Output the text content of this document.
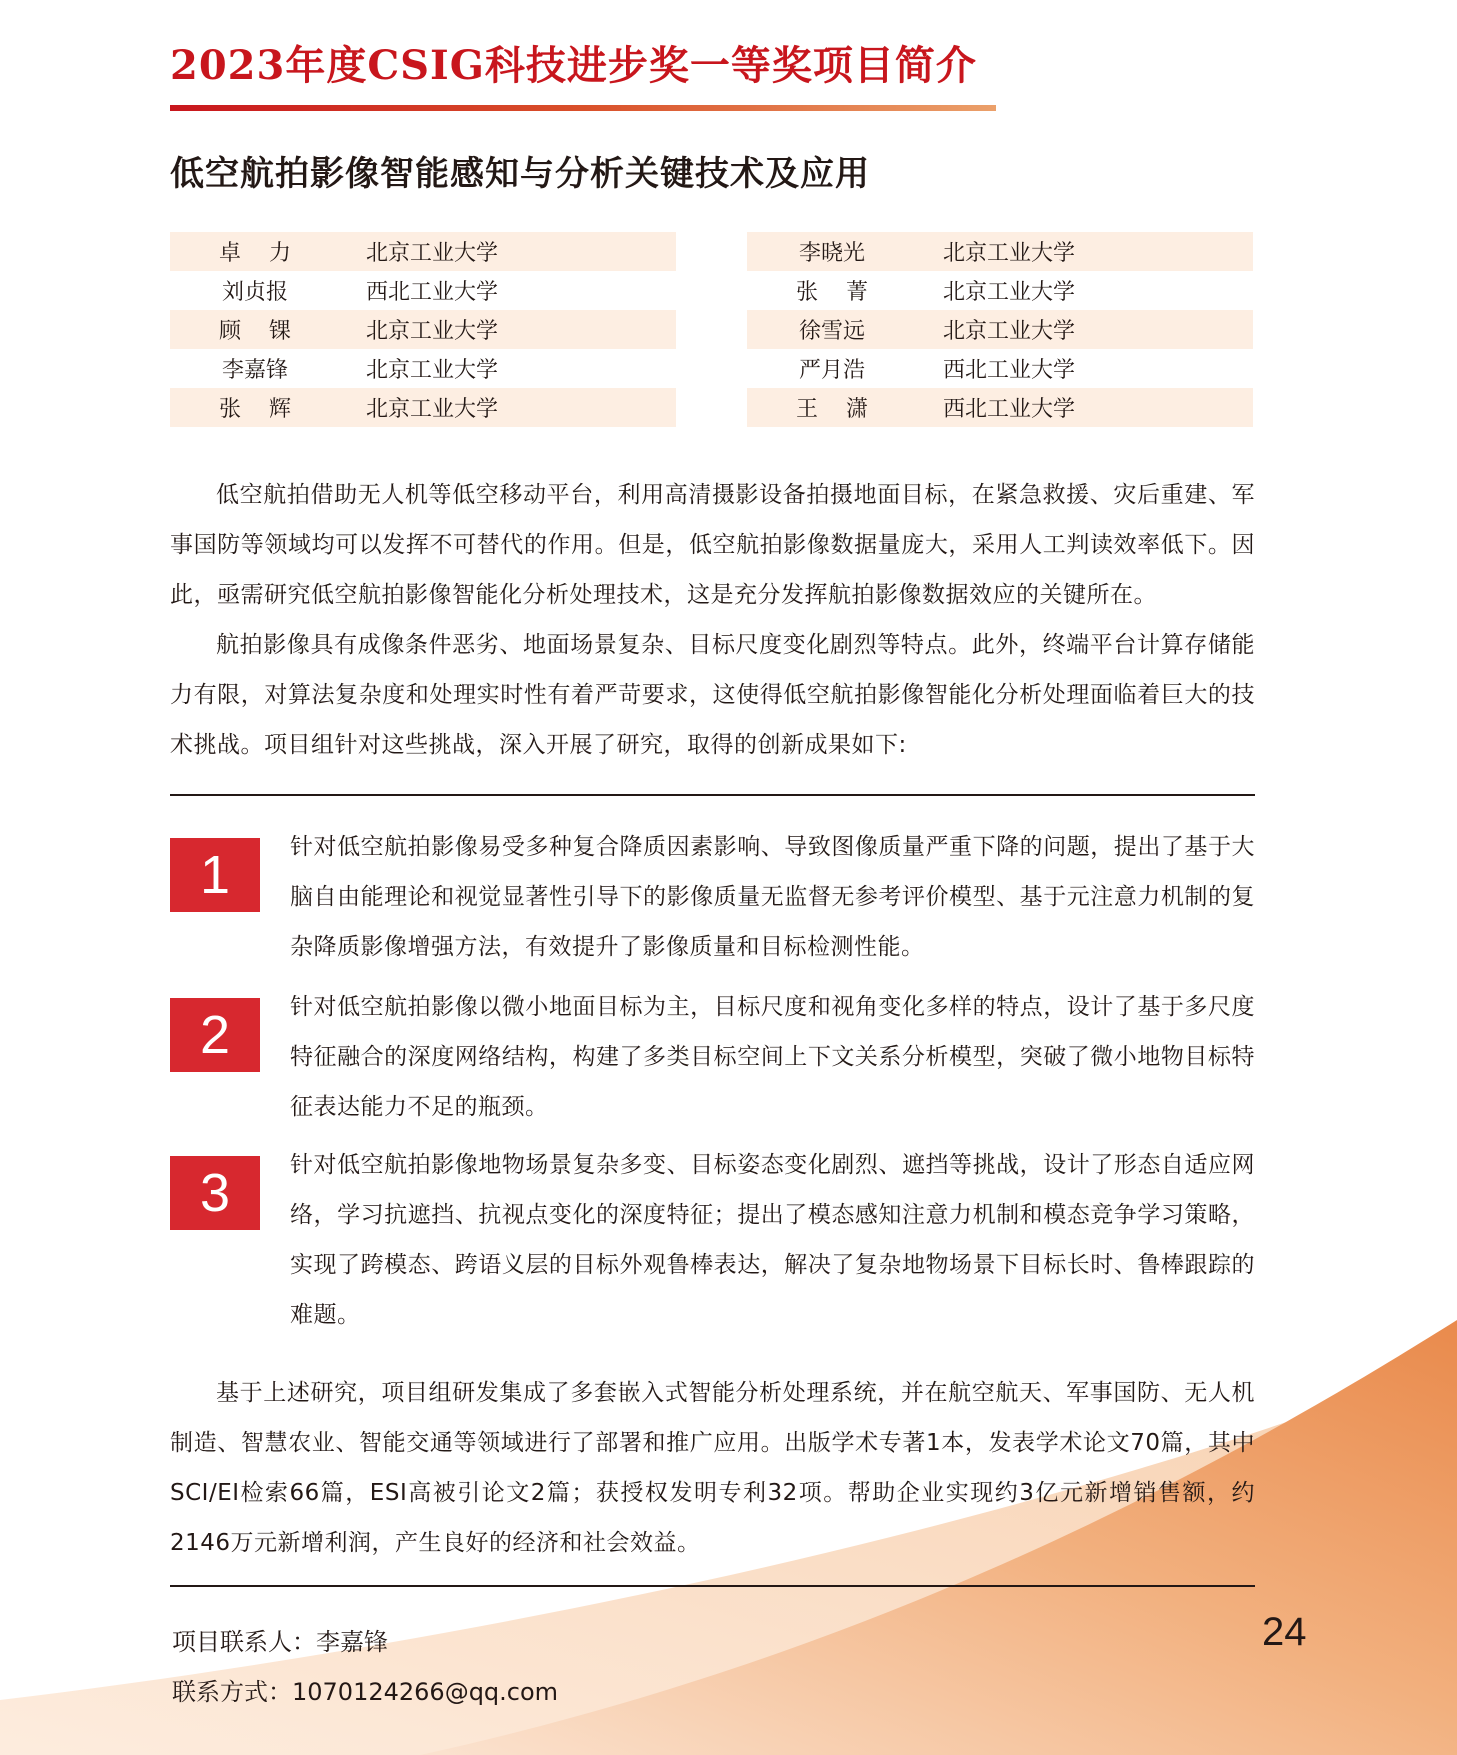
2023年度CSIG科技进步奖一等奖项目简介
低空航拍影像智能感知与分析关键技术及应用
卓    力	北京工业大学
刘贞报	西北工业大学
顾    锞	北京工业大学
李嘉锋	北京工业大学
张    辉	北京工业大学
李晓光	北京工业大学
张    菁	北京工业大学
徐雪远	北京工业大学
严月浩	西北工业大学
王    潇	西北工业大学

低空航拍借助无人机等低空移动平台，利用高清摄影设备拍摄地面目标，在紧急救援、灾后重建、军事国防等领域均可以发挥不可替代的作用。但是，低空航拍影像数据量庞大，采用人工判读效率低下。因此，亟需研究低空航拍影像智能化分析处理技术，这是充分发挥航拍影像数据效应的关键所在。

航拍影像具有成像条件恶劣、地面场景复杂、目标尺度变化剧烈等特点。此外，终端平台计算存储能力有限，对算法复杂度和处理实时性有着严苛要求，这使得低空航拍影像智能化分析处理面临着巨大的技术挑战。项目组针对这些挑战，深入开展了研究，取得的创新成果如下:

1	针对低空航拍影像易受多种复合降质因素影响、导致图像质量严重下降的问题，提出了基于大脑自由能理论和视觉显著性引导下的影像质量无监督无参考评价模型、基于元注意力机制的复杂降质影像增强方法，有效提升了影像质量和目标检测性能。
2	针对低空航拍影像以微小地面目标为主，目标尺度和视角变化多样的特点，设计了基于多尺度特征融合的深度网络结构，构建了多类目标空间上下文关系分析模型，突破了微小地物目标特征表达能力不足的瓶颈。
3	针对低空航拍影像地物场景复杂多变、目标姿态变化剧烈、遮挡等挑战，设计了形态自适应网络，学习抗遮挡、抗视点变化的深度特征；提出了模态感知注意力机制和模态竞争学习策略，实现了跨模态、跨语义层的目标外观鲁棒表达，解决了复杂地物场景下目标长时、鲁棒跟踪的难题。

基于上述研究，项目组研发集成了多套嵌入式智能分析处理系统，并在航空航天、军事国防、无人机制造、智慧农业、智能交通等领域进行了部署和推广应用。出版学术专著1本，发表学术论文70篇，其中SCI/EI检索66篇，ESI高被引论文2篇；获授权发明专利32项。帮助企业实现约3亿元新增销售额，约2146万元新增利润，产生良好的经济和社会效益。

项目联系人：李嘉锋
联系方式：1070124266@qq.com
24
